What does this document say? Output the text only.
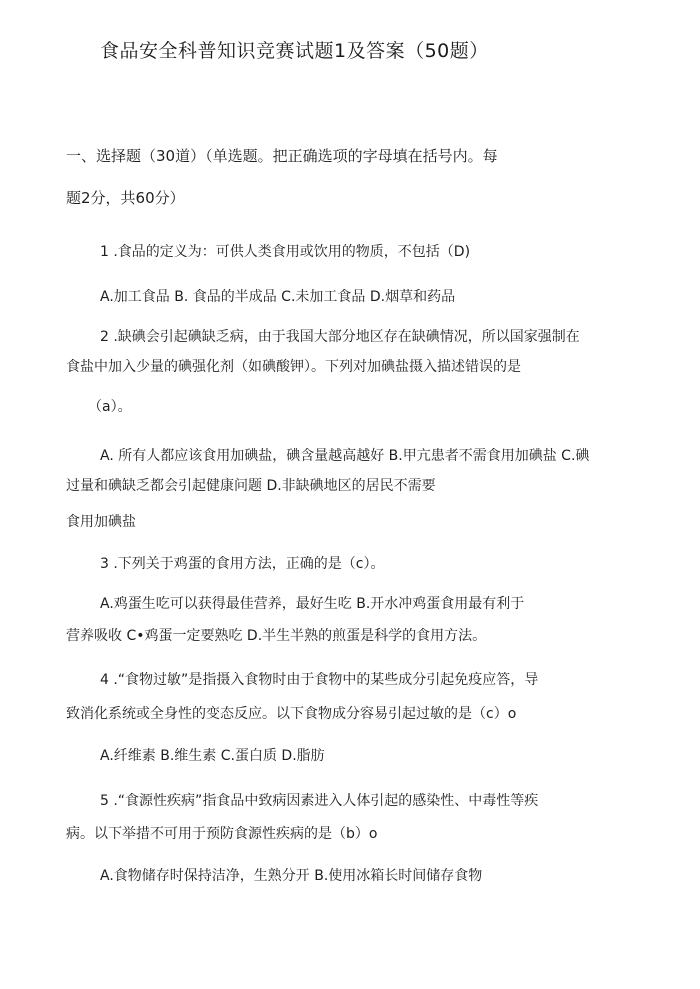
食品安全科普知识竞赛试题1及答案（50题）
一、选择题（30道）（单选题。把正确选项的字母填在括号内。每
题2分，共60分）
1 .食品的定义为：可供人类食用或饮用的物质，不包括（D)
A.加工食品 B. 食品的半成品 C.未加工食品 D.烟草和药品
2 .缺碘会引起碘缺乏病，由于我国大部分地区存在缺碘情况，所以国家强制在
食盐中加入少量的碘强化剂（如碘酸钾）。下列对加碘盐摄入描述错误的是
（a）。
A. 所有人都应该食用加碘盐，碘含量越高越好 B.甲亢患者不需食用加碘盐 C.碘
过量和碘缺乏都会引起健康问题 D.非缺碘地区的居民不需要
食用加碘盐
3 .下列关于鸡蛋的食用方法，正确的是（c）。
A.鸡蛋生吃可以获得最佳营养，最好生吃 B.开水冲鸡蛋食用最有利于
营养吸收 C•鸡蛋一定要熟吃 D.半生半熟的煎蛋是科学的食用方法。
4 .“食物过敏”是指摄入食物时由于食物中的某些成分引起免疫应答，导
致消化系统或全身性的变态反应。以下食物成分容易引起过敏的是（c）o
A.纤维素 B.维生素 C.蛋白质 D.脂肪
5 .“食源性疾病”指食品中致病因素进入人体引起的感染性、中毒性等疾
病。以下举措不可用于预防食源性疾病的是（b）o
A.食物储存时保持洁净，生熟分开 B.使用冰箱长时间储存食物
